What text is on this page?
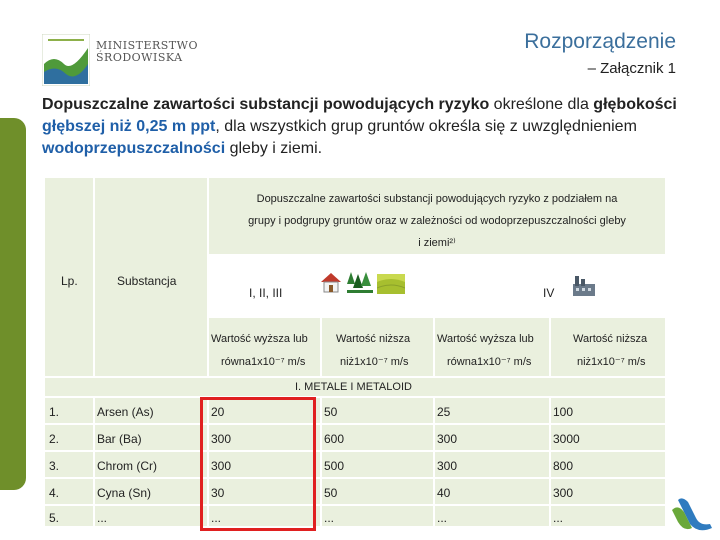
MINISTERSTWO
ŚRODOWISKA
Rozporządzenie
– Załącznik 1
Dopuszczalne zawartości substancji powodujących ryzyko określone dla głębokości głębszej niż 0,25 m ppt, dla wszystkich grup gruntów określa się z uwzględnieniem wodoprzepuszczalności gleby i ziemi.
Lp.	Substancja
Dopuszczalne zawartości substancji powodujących ryzyko z podziałem na
grupy i podgrupy gruntów oraz w zależności od wodoprzepuszczalności gleby
i ziemi²⁾
I, II, III	IV
Wartość wyższa lub
równa1x10⁻⁷ m/s
Wartość niższa
niż1x10⁻⁷ m/s
Wartość wyższa lub
równa1x10⁻⁷ m/s
Wartość niższa
niż1x10⁻⁷ m/s
I. METALE I METALOID
1.	Arsen (As)	20	50	25	100
2.	Bar (Ba)	300	600	300	3000
3.	Chrom (Cr)	300	500	300	800
4.	Cyna (Sn)	30	50	40	300
5.	...	...	...	...	...
